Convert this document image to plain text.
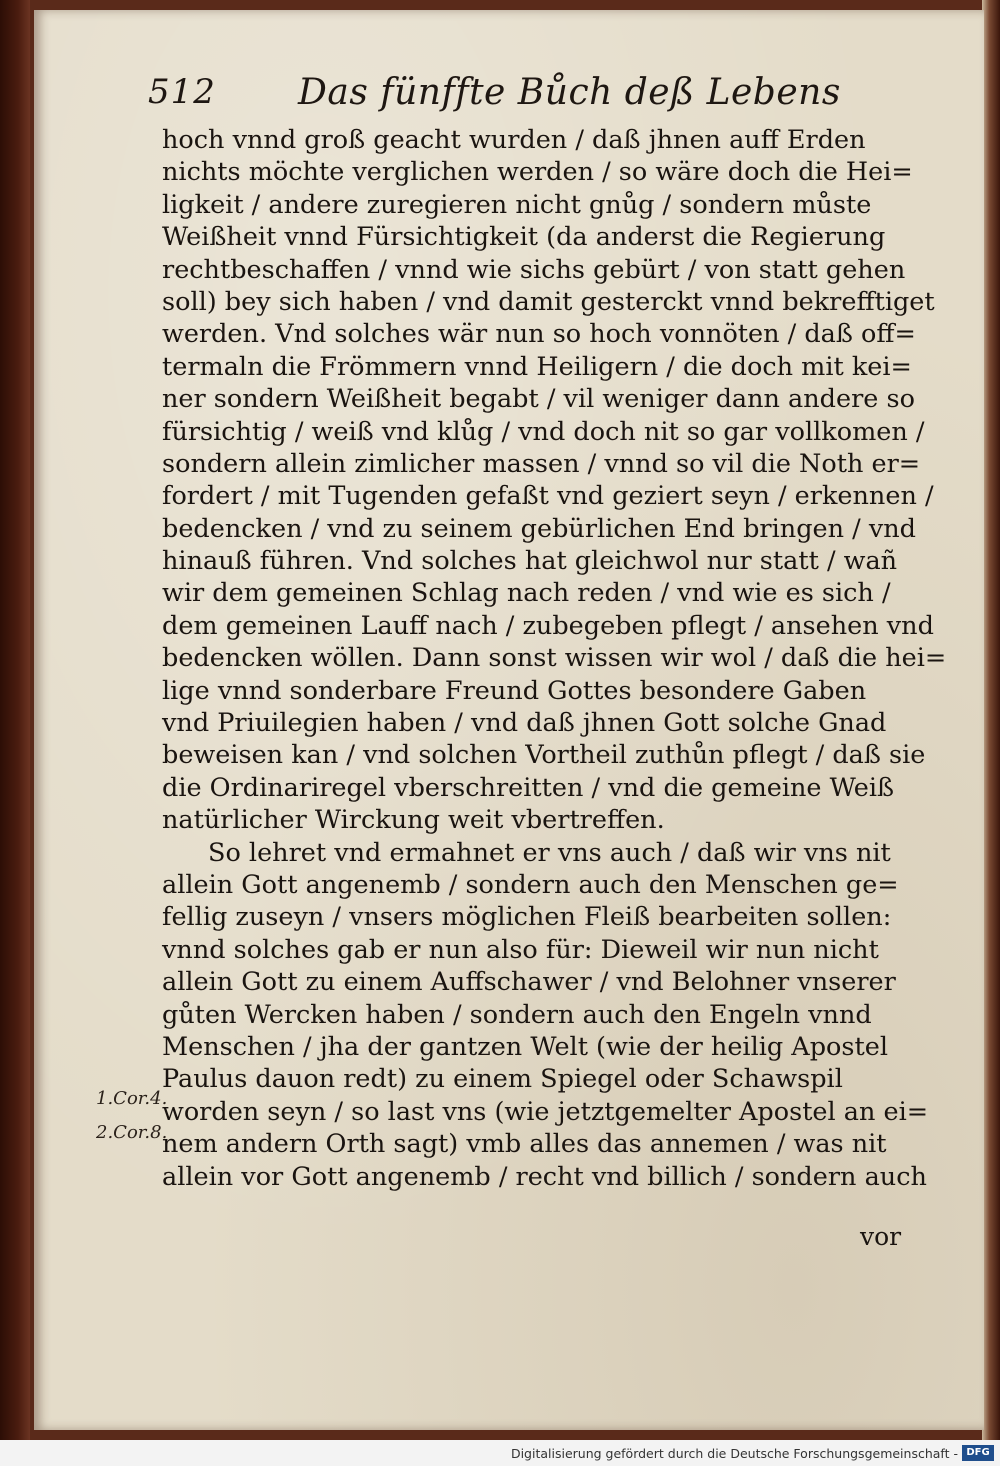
512 Das fünffte Bůch deß Lebens
hoch vnnd groß geacht wurden / daß jhnen auff Erden
nichts möchte verglichen werden / so wäre doch die Hei=
ligkeit / andere zuregieren nicht gnůg / sondern můste
Weißheit vnnd Fürsichtigkeit (da anderst die Regierung
rechtbeschaffen / vnnd wie sichs gebürt / von statt gehen
soll) bey sich haben / vnd damit gesterckt vnnd bekrefftiget
werden. Vnd solches wär nun so hoch vonnöten / daß off=
termaln die Frömmern vnnd Heiligern / die doch mit kei=
ner sondern Weißheit begabt / vil weniger dann andere so
fürsichtig / weiß vnd klůg / vnd doch nit so gar vollkomen /
sondern allein zimlicher massen / vnnd so vil die Noth er=
fordert / mit Tugenden gefaßt vnd geziert seyn / erkennen /
bedencken / vnd zu seinem gebürlichen End bringen / vnd
hinauß führen. Vnd solches hat gleichwol nur statt / wañ
wir dem gemeinen Schlag nach reden / vnd wie es sich /
dem gemeinen Lauff nach / zubegeben pflegt / ansehen vnd
bedencken wöllen. Dann sonst wissen wir wol / daß die hei=
lige vnnd sonderbare Freund Gottes besondere Gaben
vnd Priuilegien haben / vnd daß jhnen Gott solche Gnad
beweisen kan / vnd solchen Vortheil zuthůn pflegt / daß sie
die Ordinariregel vberschreitten / vnd die gemeine Weiß
natürlicher Wirckung weit vbertreffen.
So lehret vnd ermahnet er vns auch / daß wir vns nit
allein Gott angenemb / sondern auch den Menschen ge=
fellig zuseyn / vnsers möglichen Fleiß bearbeiten sollen:
vnnd solches gab er nun also für: Dieweil wir nun nicht
allein Gott zu einem Auffschawer / vnd Belohner vnserer
gůten Wercken haben / sondern auch den Engeln vnnd
Menschen / jha der gantzen Welt (wie der heilig Apostel
Paulus dauon redt) zu einem Spiegel oder Schawspil
worden seyn / so last vns (wie jetztgemelter Apostel an ei=
nem andern Orth sagt) vmb alles das annemen / was nit
allein vor Gott angenemb / recht vnd billich / sondern auch
1.Cor.4.
2.Cor.8.
vor
Digitalisierung gefördert durch die Deutsche Forschungsgemeinschaft - DFG
